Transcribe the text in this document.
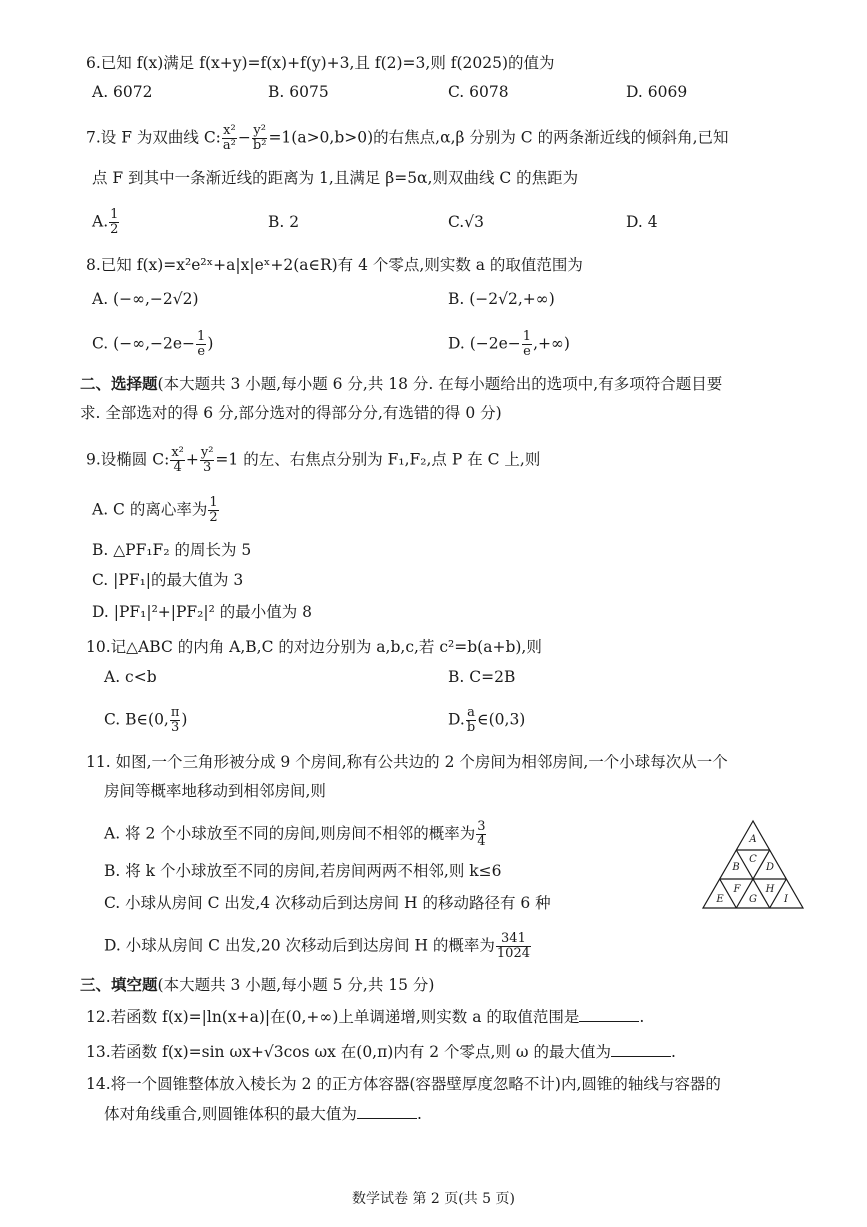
6.已知 f(x)满足 f(x+y)=f(x)+f(y)+3,且 f(2)=3,则 f(2025)的值为
A. 6072	B. 6075	C. 6078	D. 6069
7.设 F 为双曲线 C: $\frac{\text{x²}}{\text{a²}} - \frac{\text{y²}}{\text{b²}} =1(a>0,b>0)$的右焦点,α,β 分别为 C 的两条渐近线的倾斜角,已知
点 F 到其中一条渐近线的距离为 1,且满足 β=5α,则双曲线 C 的焦距为
A. $\frac{1}{2}$	B. 2	C.√3	D. 4
8.已知 f(x)=x²e²ˣ+a|x|eˣ+2(a∈R)有 4 个零点,则实数 a 的取值范围为
A. (−∞,−2√2)	B. (−2√2,+∞)
C. ($-\infty,-2e- \frac{1}{e}$ )	D. ($-2e- \frac{1}{e}$ ,+∞)
二、选择题(本大题共 3 小题,每小题 6 分,共 18 分. 在每小题给出的选项中,有多项符合题目要
求. 全部选对的得 6 分,部分选对的得部分分,有选错的得 0 分)
9.设椭圆 C: $\frac{\text{x²}}{4} + \frac{\text{y²}}{3} =1$ 的左、右焦点分别为 F₁,F₂,点 P 在 C 上,则
A. C 的离心率为 $\frac{1}{2}$
B. △PF₁F₂ 的周长为 5
C. |PF₁|的最大值为 3
D. |PF₁|²+|PF₂|² 的最小值为 8
10.记△ABC 的内角 A,B,C 的对边分别为 a,b,c,若 c²=b(a+b),则
A. c<b	B. C=2B
C. B∈(0, $\frac{\pi}{3}$ )	D. $\frac{a}{b}$ ∈(0,3)
11. 如图,一个三角形被分成 9 个房间,称有公共边的 2 个房间为相邻房间,一个小球每次从一个
房间等概率地移动到相邻房间,则
A. 将 2 个小球放至不同的房间,则房间不相邻的概率为 $\frac{3}{4}$
B. 将 k 个小球放至不同的房间,若房间两两不相邻,则 k≤6
C. 小球从房间 C 出发,4 次移动后到达房间 H 的移动路径有 6 种
D. 小球从房间 C 出发,20 次移动后到达房间 H 的概率为 $\frac{341}{1024}$
A
B
C
D
E
F
G
H
I
三、填空题(本大题共 3 小题,每小题 5 分,共 15 分)
12.若函数 f(x)=|ln(x+a)|在(0,+∞)上单调递增,则实数 a 的取值范围是	.
13.若函数 f(x)=sin ωx+√3cos ωx 在(0,π)内有 2 个零点,则 ω 的最大值为	.
14.将一个圆锥整体放入棱长为 2 的正方体容器(容器壁厚度忽略不计)内,圆锥的轴线与容器的
体对角线重合,则圆锥体积的最大值为	.
数学试卷 第 2 页(共 5 页)
